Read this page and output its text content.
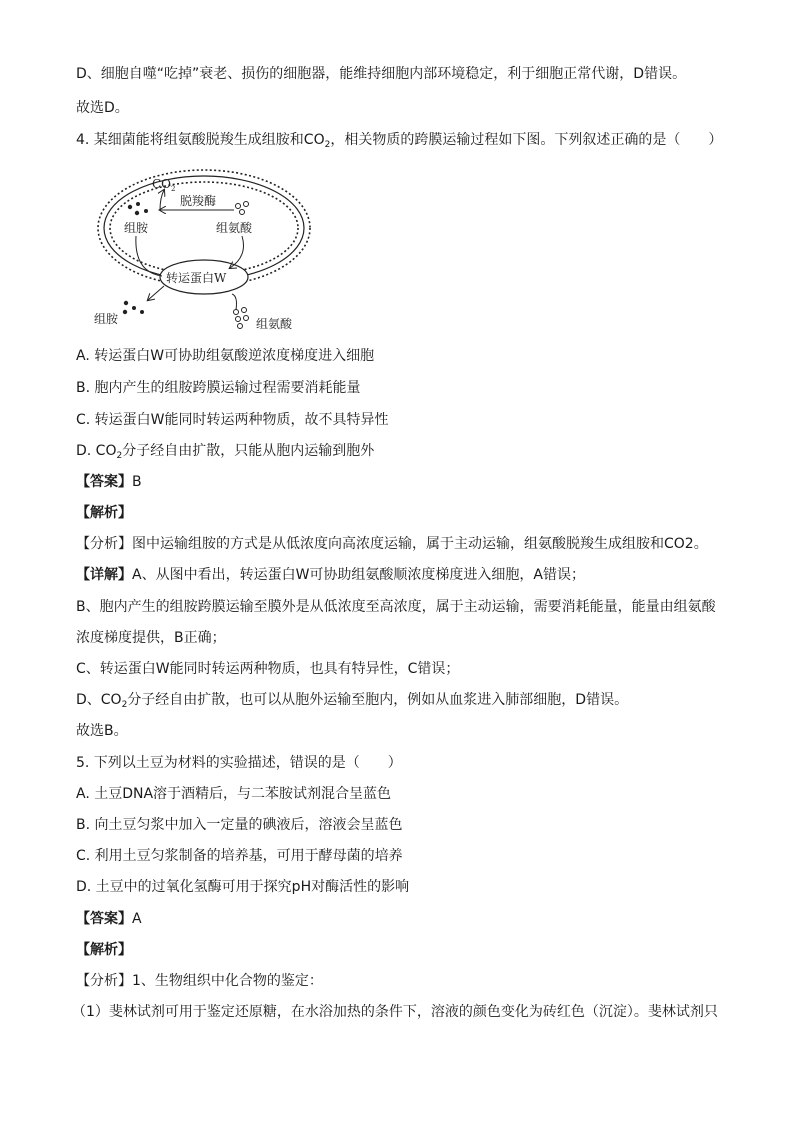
D、细胞自噬“吃掉”衰老、损伤的细胞器，能维持细胞内部环境稳定，利于细胞正常代谢，D错误。
故选D。
4. 某细菌能将组氨酸脱羧生成组胺和$CO_2$，相关物质的跨膜运输过程如下图。下列叙述正确的是（　　）
$CO_2$
脱羧酶
组胺	组氨酸
转运蛋白W
组胺	组氨酸
A. 转运蛋白W可协助组氨酸逆浓度梯度进入细胞
B. 胞内产生的组胺跨膜运输过程需要消耗能量
C. 转运蛋白W能同时转运两种物质，故不具特异性
D. $CO_2$分子经自由扩散，只能从胞内运输到胞外
【答案】B
【解析】
【分析】图中运输组胺的方式是从低浓度向高浓度运输，属于主动运输，组氨酸脱羧生成组胺和CO2。
【详解】A、从图中看出，转运蛋白W可协助组氨酸顺浓度梯度进入细胞，A错误；
B、胞内产生的组胺跨膜运输至膜外是从低浓度至高浓度，属于主动运输，需要消耗能量，能量由组氨酸
浓度梯度提供，B正确；
C、转运蛋白W能同时转运两种物质，也具有特异性，C错误；
D、$CO_2$分子经自由扩散，也可以从胞外运输至胞内，例如从血浆进入肺部细胞，D错误。
故选B。
5. 下列以土豆为材料的实验描述，错误的是（　　）
A. 土豆DNA溶于酒精后，与二苯胺试剂混合呈蓝色
B. 向土豆匀浆中加入一定量的碘液后，溶液会呈蓝色
C. 利用土豆匀浆制备的培养基，可用于酵母菌的培养
D. 土豆中的过氧化氢酶可用于探究pH对酶活性的影响
【答案】A
【解析】
【分析】1、生物组织中化合物的鉴定：
（1）斐林试剂可用于鉴定还原糖，在水浴加热的条件下，溶液的颜色变化为砖红色（沉淀）。斐林试剂只
